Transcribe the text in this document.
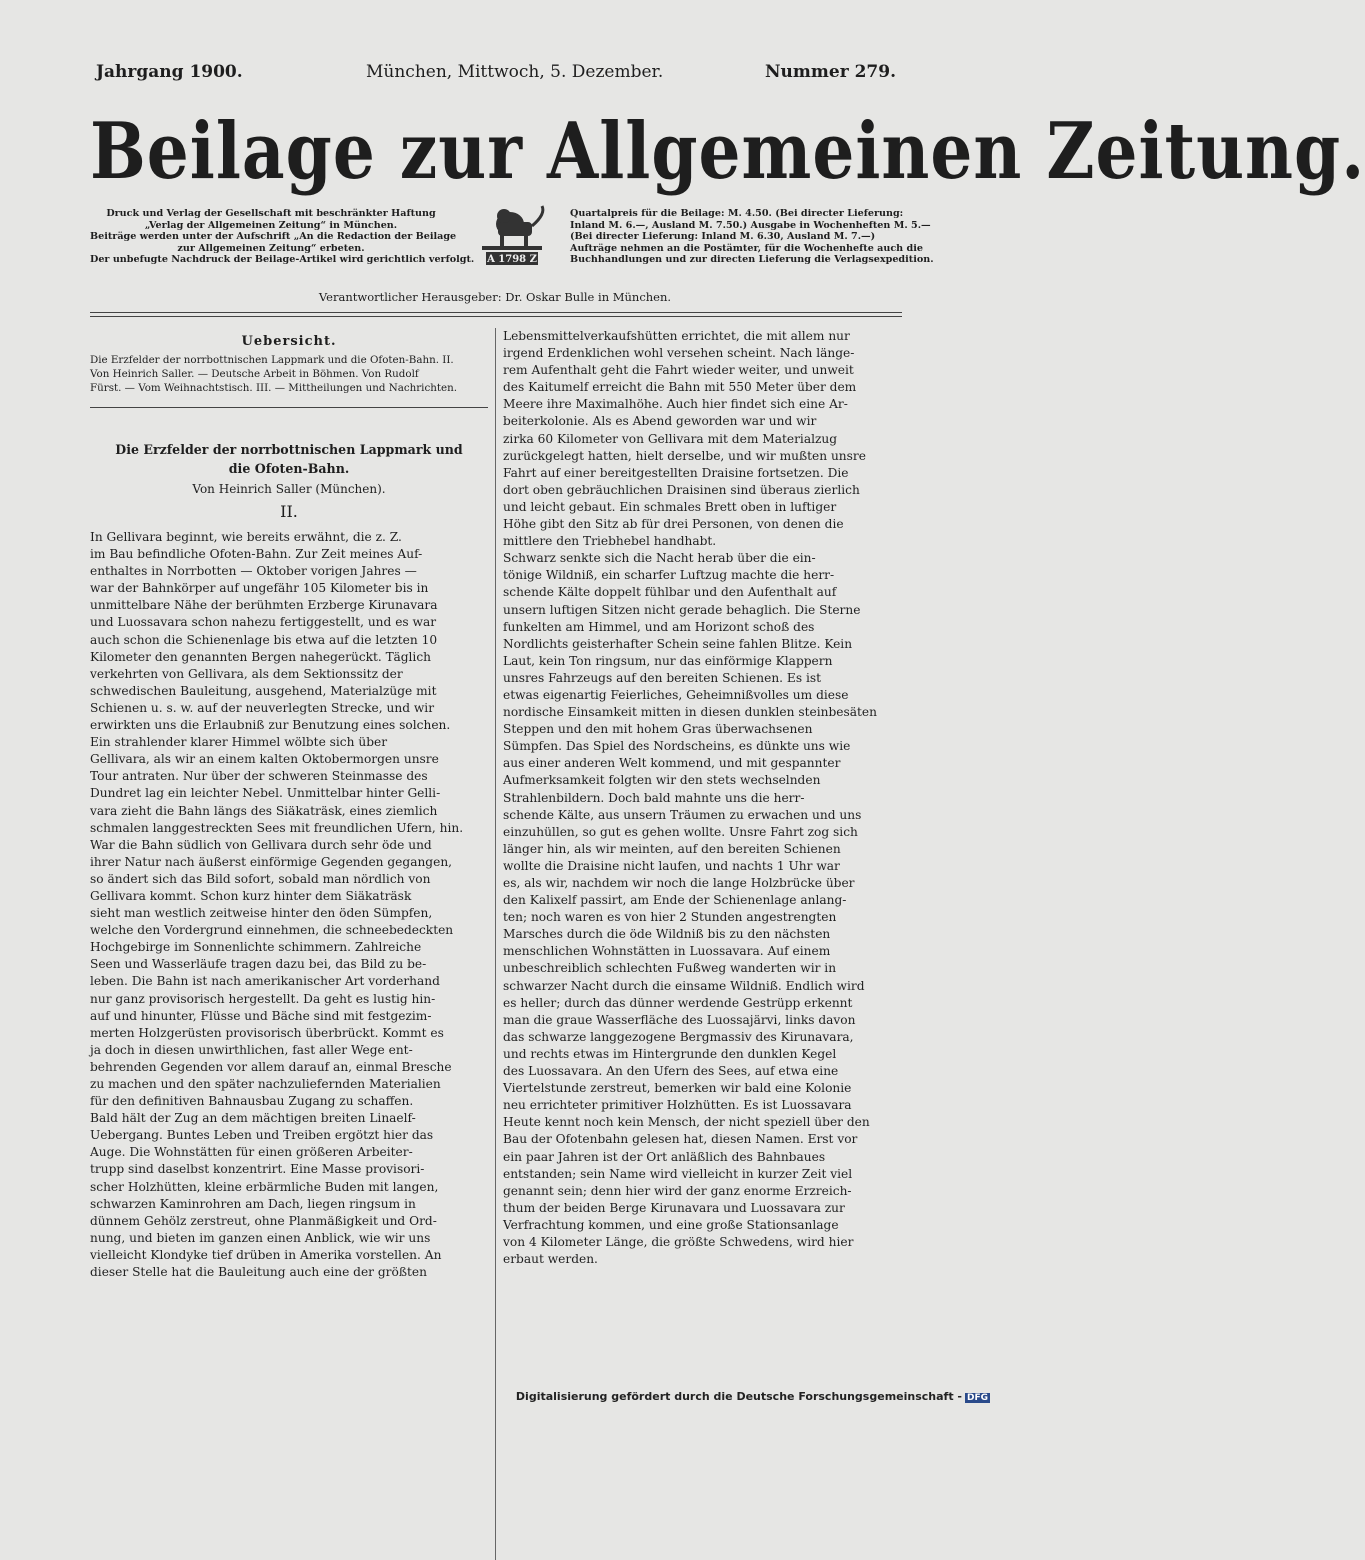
Jahrgang 1900.	München, Mittwoch, 5. Dezember.	Nummer 279.
Beilage zur Allgemeinen Zeitung.
Druck und Verlag der Gesellschaft mit beschränkter Haftung
„Verlag der Allgemeinen Zeitung“ in München.
Beiträge werden unter der Aufschrift „An die Redaction der Beilage
zur Allgemeinen Zeitung“ erbeten.
Der unbefugte Nachdruck der Beilage-Artikel wird gerichtlich verfolgt. A 1798 Z
Quartalpreis für die Beilage: M. 4.50. (Bei directer Lieferung:
Inland M. 6.—, Ausland M. 7.50.) Ausgabe in Wochenheften M. 5.—
(Bei directer Lieferung: Inland M. 6.30, Ausland M. 7.—)
Aufträge nehmen an die Postämter, für die Wochenhefte auch die
Buchhandlungen und zur directen Lieferung die Verlagsexpedition.
Verantwortlicher Herausgeber: Dr. Oskar Bulle in München.
Uebersicht.
Die Erzfelder der norrbottnischen Lappmark und die Ofoten-Bahn. II.
Von Heinrich Saller. — Deutsche Arbeit in Böhmen. Von Rudolf
Fürst. — Vom Weihnachtstisch. III. — Mittheilungen und Nachrichten.
Die Erzfelder der norrbottnischen Lappmark und
die Ofoten-Bahn.
Von Heinrich Saller (München).
II.
In Gellivara beginnt, wie bereits erwähnt, die z. Z.
im Bau befindliche Ofoten-Bahn. Zur Zeit meines Auf-
enthaltes in Norrbotten — Oktober vorigen Jahres —
war der Bahnkörper auf ungefähr 105 Kilometer bis in
unmittelbare Nähe der berühmten Erzberge Kirunavara
und Luossavara schon nahezu fertiggestellt, und es war
auch schon die Schienenlage bis etwa auf die letzten 10
Kilometer den genannten Bergen nahegerückt. Täglich
verkehrten von Gellivara, als dem Sektionssitz der
schwedischen Bauleitung, ausgehend, Materialzüge mit
Schienen u. s. w. auf der neuverlegten Strecke, und wir
erwirkten uns die Erlaubniß zur Benutzung eines solchen.
Ein strahlender klarer Himmel wölbte sich über
Gellivara, als wir an einem kalten Oktobermorgen unsre
Tour antraten. Nur über der schweren Steinmasse des
Dundret lag ein leichter Nebel. Unmittelbar hinter Gelli-
vara zieht die Bahn längs des Siäkaträsk, eines ziemlich
schmalen langgestreckten Sees mit freundlichen Ufern, hin.
War die Bahn südlich von Gellivara durch sehr öde und
ihrer Natur nach äußerst einförmige Gegenden gegangen,
so ändert sich das Bild sofort, sobald man nördlich von
Gellivara kommt. Schon kurz hinter dem Siäkaträsk
sieht man westlich zeitweise hinter den öden Sümpfen,
welche den Vordergrund einnehmen, die schneebedeckten
Hochgebirge im Sonnenlichte schimmern. Zahlreiche
Seen und Wasserläufe tragen dazu bei, das Bild zu be-
leben. Die Bahn ist nach amerikanischer Art vorderhand
nur ganz provisorisch hergestellt. Da geht es lustig hin-
auf und hinunter, Flüsse und Bäche sind mit festgezim-
merten Holzgerüsten provisorisch überbrückt. Kommt es
ja doch in diesen unwirthlichen, fast aller Wege ent-
behrenden Gegenden vor allem darauf an, einmal Bresche
zu machen und den später nachzuliefernden Materialien
für den definitiven Bahnausbau Zugang zu schaffen.
Bald hält der Zug an dem mächtigen breiten Linaelf-
Uebergang. Buntes Leben und Treiben ergötzt hier das
Auge. Die Wohnstätten für einen größeren Arbeiter-
trupp sind daselbst konzentrirt. Eine Masse provisori-
scher Holzhütten, kleine erbärmliche Buden mit langen,
schwarzen Kaminrohren am Dach, liegen ringsum in
dünnem Gehölz zerstreut, ohne Planmäßigkeit und Ord-
nung, und bieten im ganzen einen Anblick, wie wir uns
vielleicht Klondyke tief drüben in Amerika vorstellen. An
dieser Stelle hat die Bauleitung auch eine der größten
Lebensmittelverkaufshütten errichtet, die mit allem nur
irgend Erdenklichen wohl versehen scheint. Nach länge-
rem Aufenthalt geht die Fahrt wieder weiter, und unweit
des Kaitumelf erreicht die Bahn mit 550 Meter über dem
Meere ihre Maximalhöhe. Auch hier findet sich eine Ar-
beiterkolonie. Als es Abend geworden war und wir
zirka 60 Kilometer von Gellivara mit dem Materialzug
zurückgelegt hatten, hielt derselbe, und wir mußten unsre
Fahrt auf einer bereitgestellten Draisine fortsetzen. Die
dort oben gebräuchlichen Draisinen sind überaus zierlich
und leicht gebaut. Ein schmales Brett oben in luftiger
Höhe gibt den Sitz ab für drei Personen, von denen die
mittlere den Triebhebel handhabt.
Schwarz senkte sich die Nacht herab über die ein-
tönige Wildniß, ein scharfer Luftzug machte die herr-
schende Kälte doppelt fühlbar und den Aufenthalt auf
unsern luftigen Sitzen nicht gerade behaglich. Die Sterne
funkelten am Himmel, und am Horizont schoß des
Nordlichts geisterhafter Schein seine fahlen Blitze. Kein
Laut, kein Ton ringsum, nur das einförmige Klappern
unsres Fahrzeugs auf den bereiten Schienen. Es ist
etwas eigenartig Feierliches, Geheimnißvolles um diese
nordische Einsamkeit mitten in diesen dunklen steinbesäten
Steppen und den mit hohem Gras überwachsenen
Sümpfen. Das Spiel des Nordscheins, es dünkte uns wie
aus einer anderen Welt kommend, und mit gespannter
Aufmerksamkeit folgten wir den stets wechselnden
Strahlenbildern. Doch bald mahnte uns die herr-
schende Kälte, aus unsern Träumen zu erwachen und uns
einzuhüllen, so gut es gehen wollte. Unsre Fahrt zog sich
länger hin, als wir meinten, auf den bereiten Schienen
wollte die Draisine nicht laufen, und nachts 1 Uhr war
es, als wir, nachdem wir noch die lange Holzbrücke über
den Kalixelf passirt, am Ende der Schienenlage anlang-
ten; noch waren es von hier 2 Stunden angestrengten
Marsches durch die öde Wildniß bis zu den nächsten
menschlichen Wohnstätten in Luossavara. Auf einem
unbeschreiblich schlechten Fußweg wanderten wir in
schwarzer Nacht durch die einsame Wildniß. Endlich wird
es heller; durch das dünner werdende Gestrüpp erkennt
man die graue Wasserfläche des Luossajärvi, links davon
das schwarze langgezogene Bergmassiv des Kirunavara,
und rechts etwas im Hintergrunde den dunklen Kegel
des Luossavara. An den Ufern des Sees, auf etwa eine
Viertelstunde zerstreut, bemerken wir bald eine Kolonie
neu errichteter primitiver Holzhütten. Es ist Luossavara
Heute kennt noch kein Mensch, der nicht speziell über den
Bau der Ofotenbahn gelesen hat, diesen Namen. Erst vor
ein paar Jahren ist der Ort anläßlich des Bahnbaues
entstanden; sein Name wird vielleicht in kurzer Zeit viel
genannt sein; denn hier wird der ganz enorme Erzreich-
thum der beiden Berge Kirunavara und Luossavara zur
Verfrachtung kommen, und eine große Stationsanlage
von 4 Kilometer Länge, die größte Schwedens, wird hier
erbaut werden.
Digitalisierung gefördert durch die Deutsche Forschungsgemeinschaft - DFG
